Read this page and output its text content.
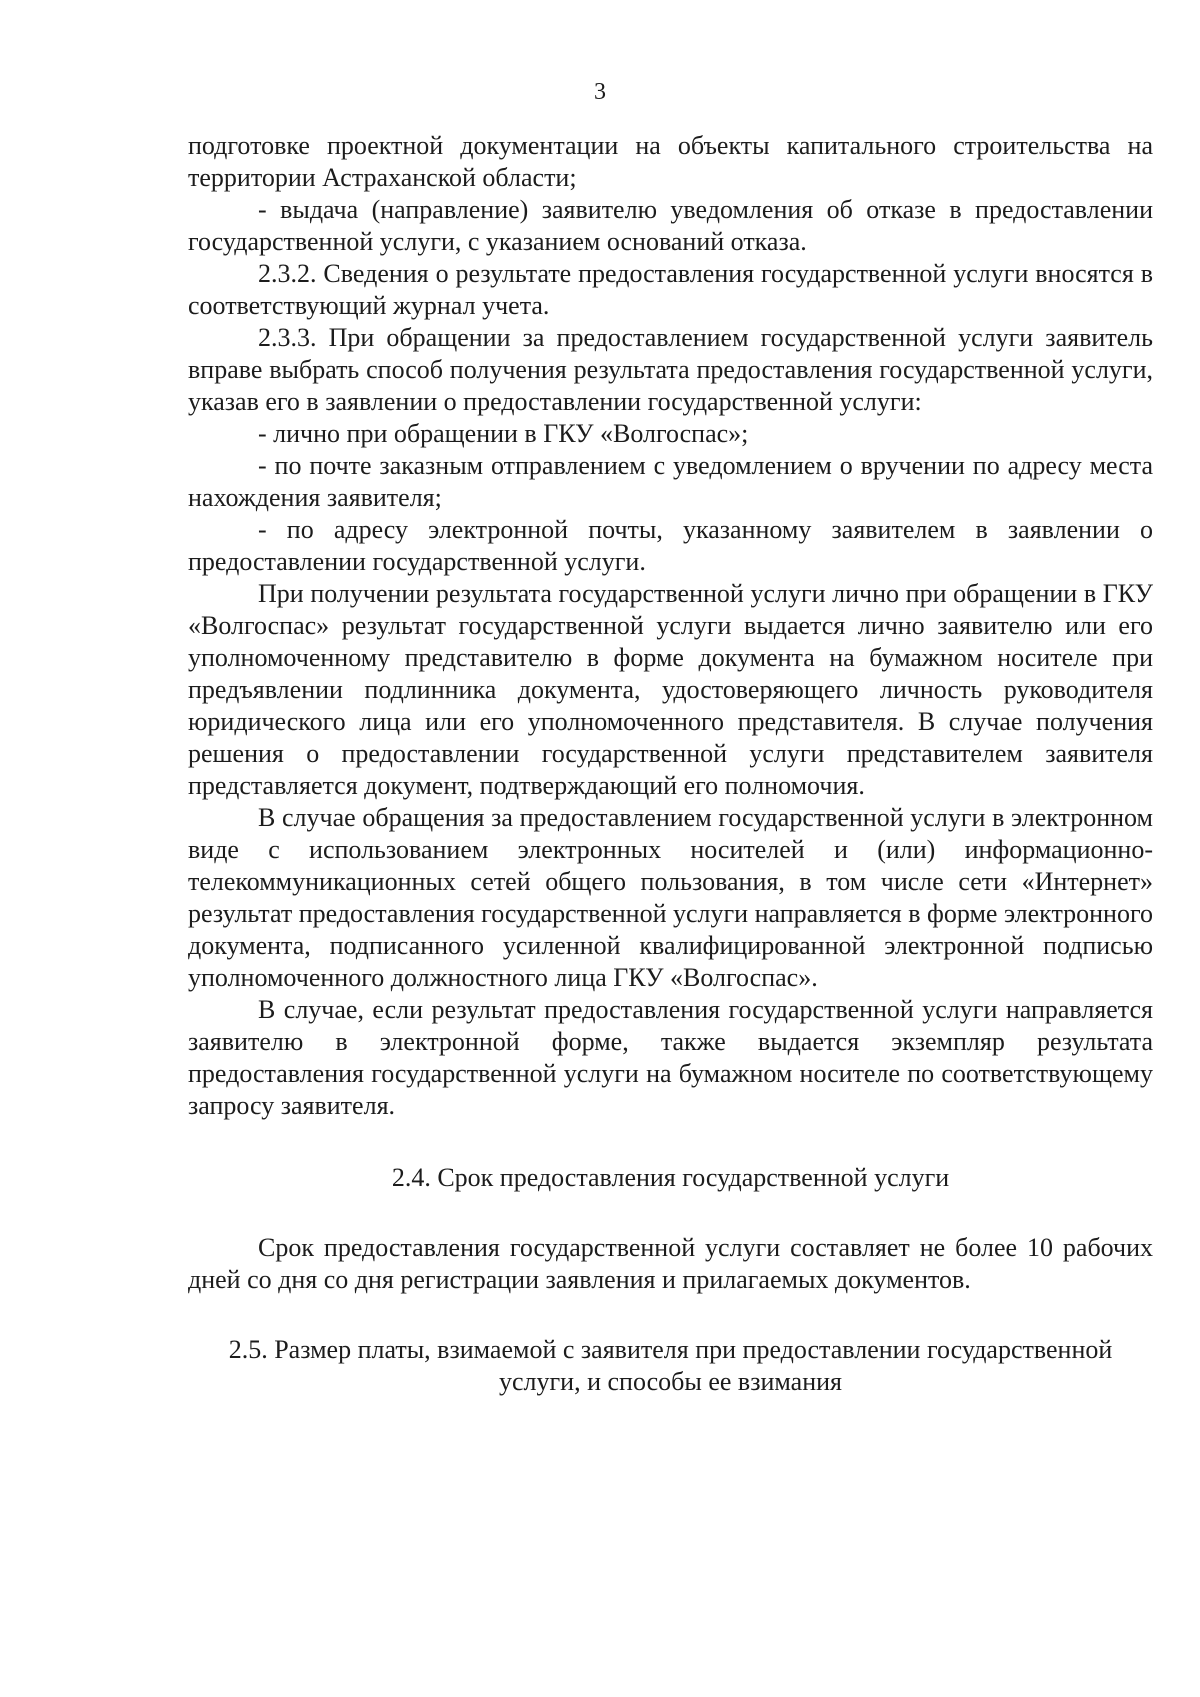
3

подготовке проектной документации на объекты капитального строительства на территории Астраханской области;

- выдача (направление) заявителю уведомления об отказе в предоставлении государственной услуги, с указанием оснований отказа.

2.3.2. Сведения о результате предоставления государственной услуги вносятся в соответствующий журнал учета.

2.3.3. При обращении за предоставлением государственной услуги заявитель вправе выбрать способ получения результата предоставления государственной услуги, указав его в заявлении о предоставлении государственной услуги:

- лично при обращении в ГКУ «Волгоспас»;

- по почте заказным отправлением с уведомлением о вручении по адресу места нахождения заявителя;

- по адресу электронной почты, указанному заявителем в заявлении о предоставлении государственной услуги.

При получении результата государственной услуги лично при обращении в ГКУ «Волгоспас» результат государственной услуги выдается лично заявителю или его уполномоченному представителю в форме документа на бумажном носителе при предъявлении подлинника документа, удостоверяющего личность руководителя юридического лица или его уполномоченного представителя. В случае получения решения о предоставлении государственной услуги представителем заявителя представляется документ, подтверждающий его полномочия.

В случае обращения за предоставлением государственной услуги в электронном виде с использованием электронных носителей и (или) информационно-телекоммуникационных сетей общего пользования, в том числе сети «Интернет» результат предоставления государственной услуги направляется в форме электронного документа, подписанного усиленной квалифицированной электронной подписью уполномоченного должностного лица ГКУ «Волгоспас».

В случае, если результат предоставления государственной услуги направляется заявителю в электронной форме, также выдается экземпляр результата предоставления государственной услуги на бумажном носителе по соответствующему запросу заявителя.

2.4. Срок предоставления государственной услуги

Срок предоставления государственной услуги составляет не более 10 рабочих дней со дня со дня регистрации заявления и прилагаемых документов.

2.5. Размер платы, взимаемой с заявителя при предоставлении государственной услуги, и способы ее взимания
